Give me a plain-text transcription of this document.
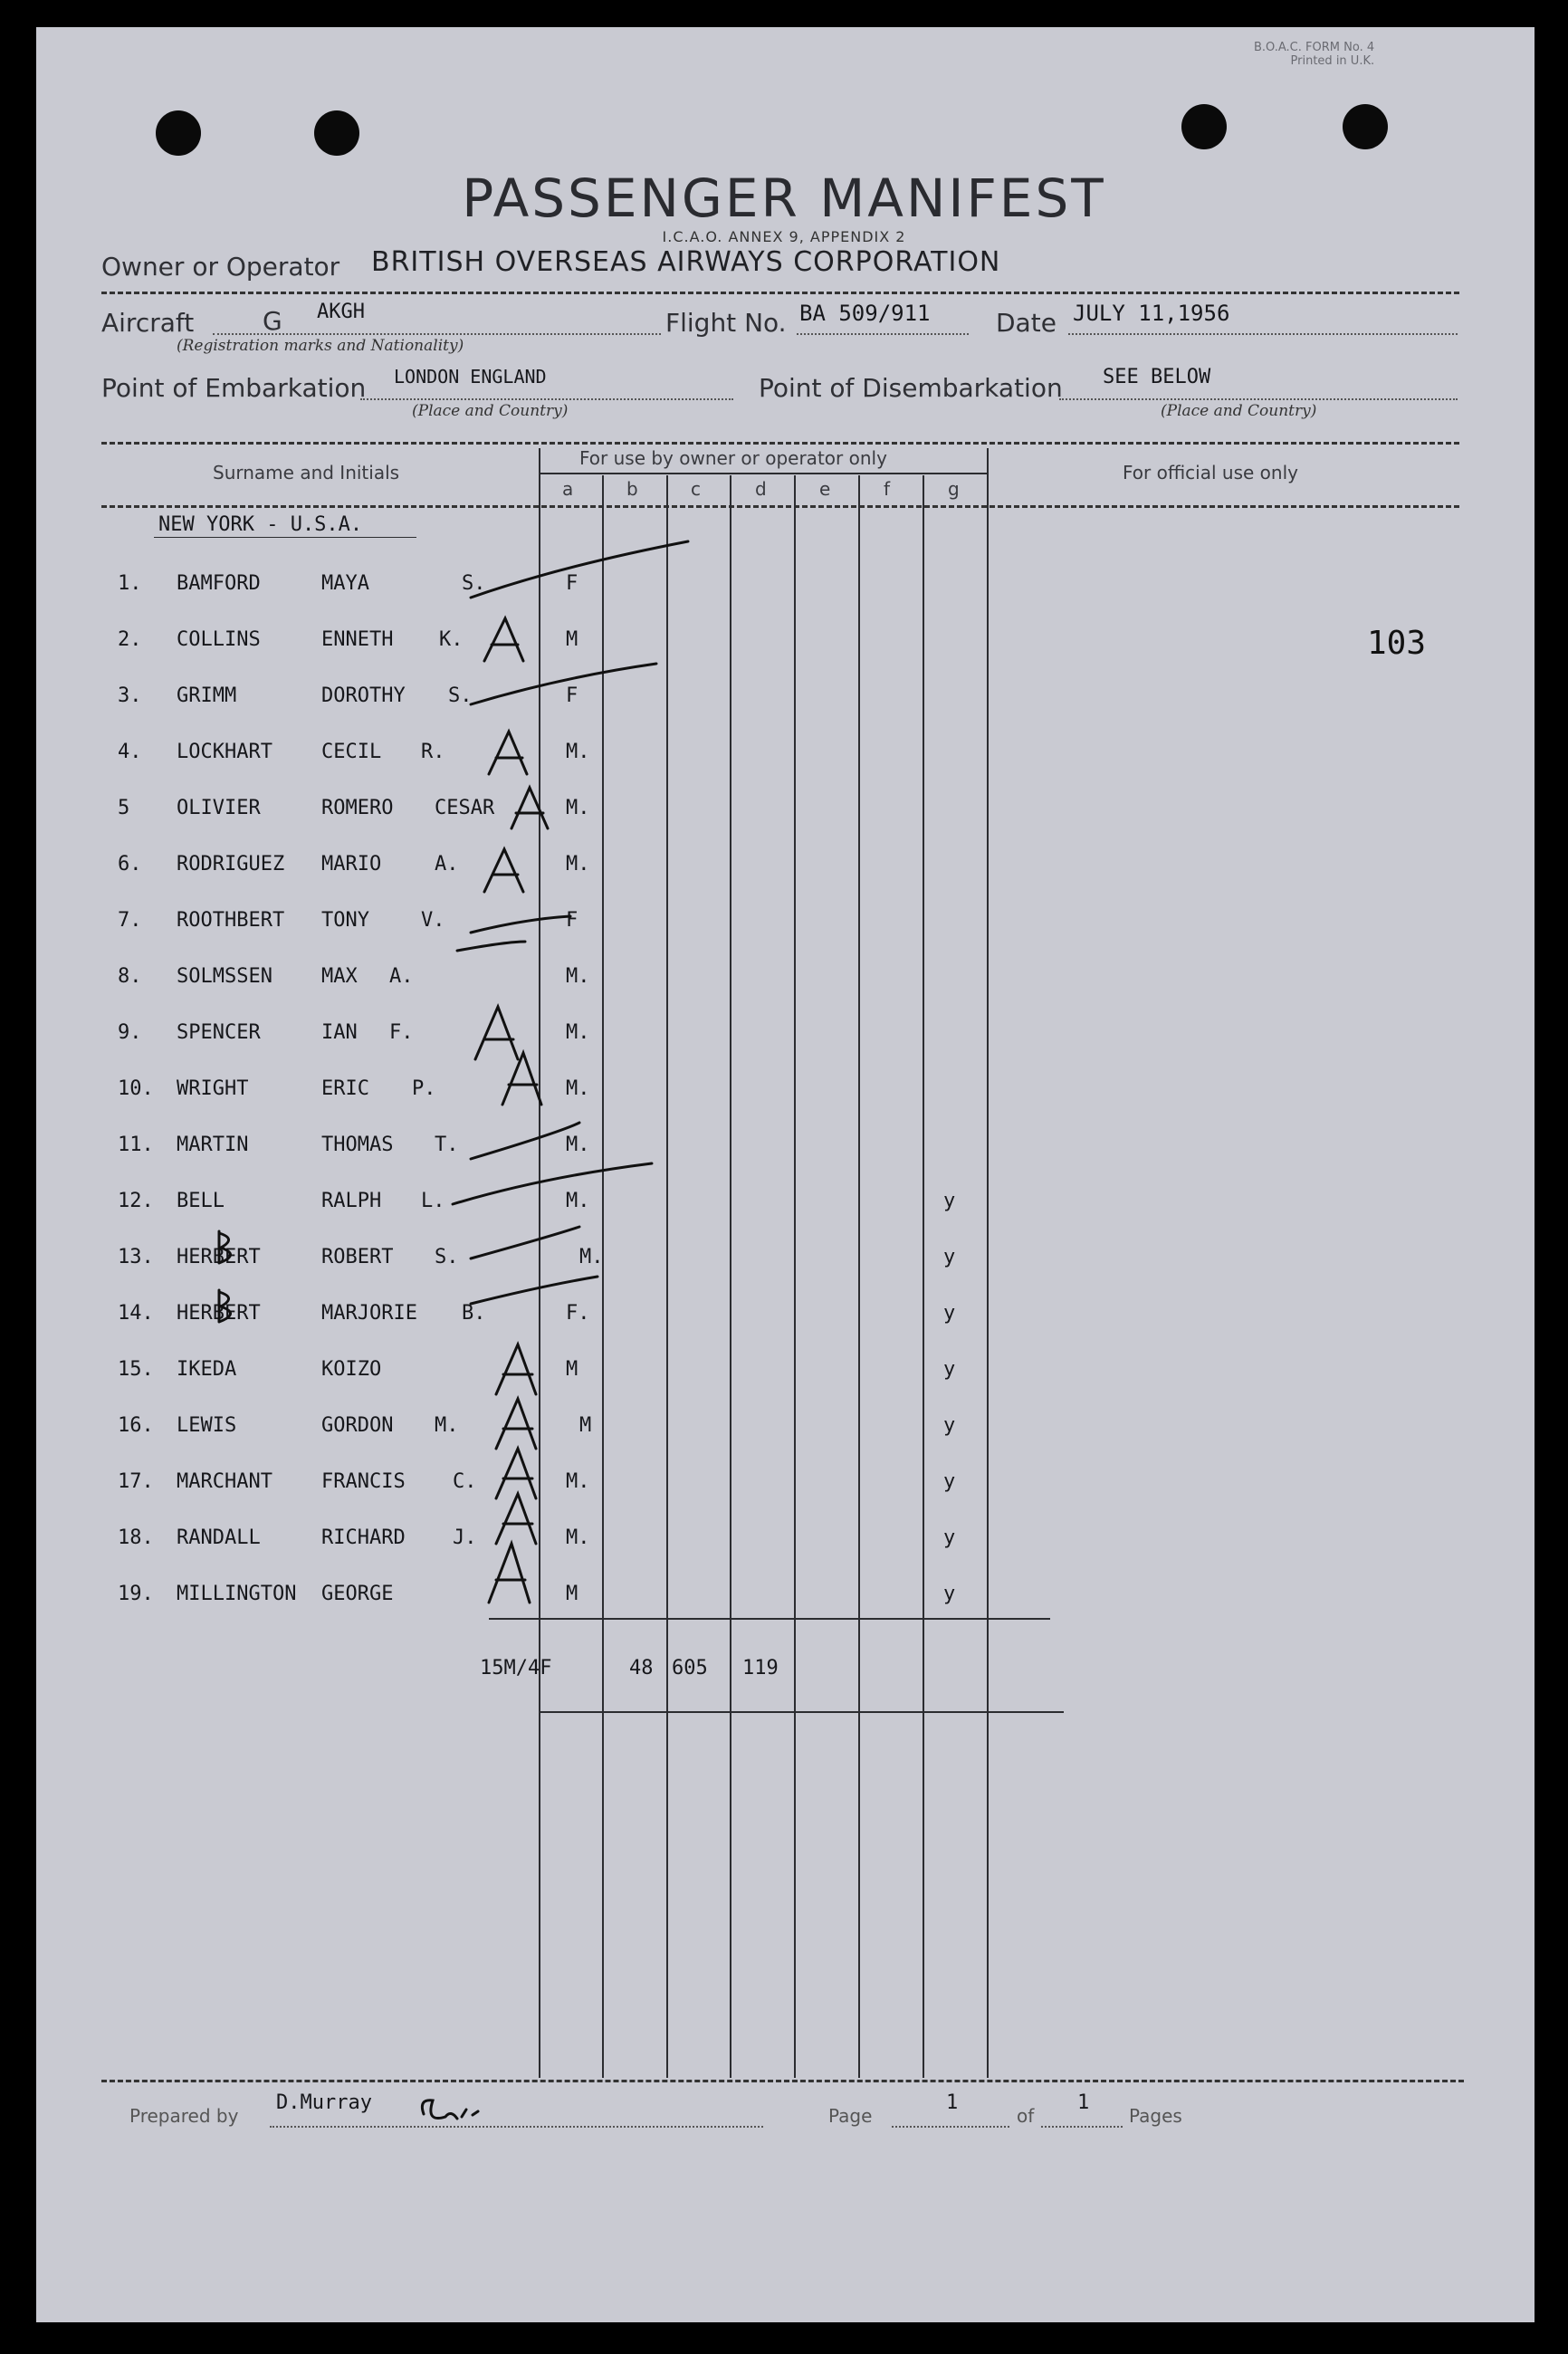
B.O.A.C. FORM No. 4
Printed in U.K.
PASSENGER MANIFEST
I.C.A.O. ANNEX 9, APPENDIX 2
Owner or Operator BRITISH OVERSEAS AIRWAYS CORPORATION
Aircraft	G AKGH
(Registration marks and Nationality)
Flight No. BA 509/911	Date JULY 11,1956
Point of Embarkation LONDON ENGLAND
(Place and Country)
Point of Disembarkation SEE BELOW
(Place and Country)
For use by owner or operator only
Surname and Initials	For official use only
a	b	c	d	e	f	g
NEW YORK - U.S.A.
103
1. BAMFORD	MAYA	S.	F
2. COLLINS	ENNETH K.	M
3. GRIMM	DOROTHY S.	F
4. LOCKHART CECIL R.	M.
5 OLIVIER	ROMERO CESAR	M.
6. RODRIGUEZ MARIO	A.	M.
7. ROOTHBERT TONY	V.	F
8. SOLMSSEN MAX A.	M.
9. SPENCER	IAN F.	M.
10. WRIGHT	ERIC P.	M.
11. MARTIN	THOMAS T.	M.
12. BELL	RALPH L.	M.	y
13. HERBERT	ROBERT S.	M.	y
14. HERBERT	MARJORIE B.	F.	y
15. IKEDA	KOIZO	M	y
16. LEWIS	GORDON M.	M	y
17. MARCHANT FRANCIS C.	M.	y
18. RANDALL	RICHARD J.	M.	y
19. MILLINGTON GEORGE	M	y
15M/4F	48 605 119
Prepared by
D.Murray
Page
1
of
1
Pages
